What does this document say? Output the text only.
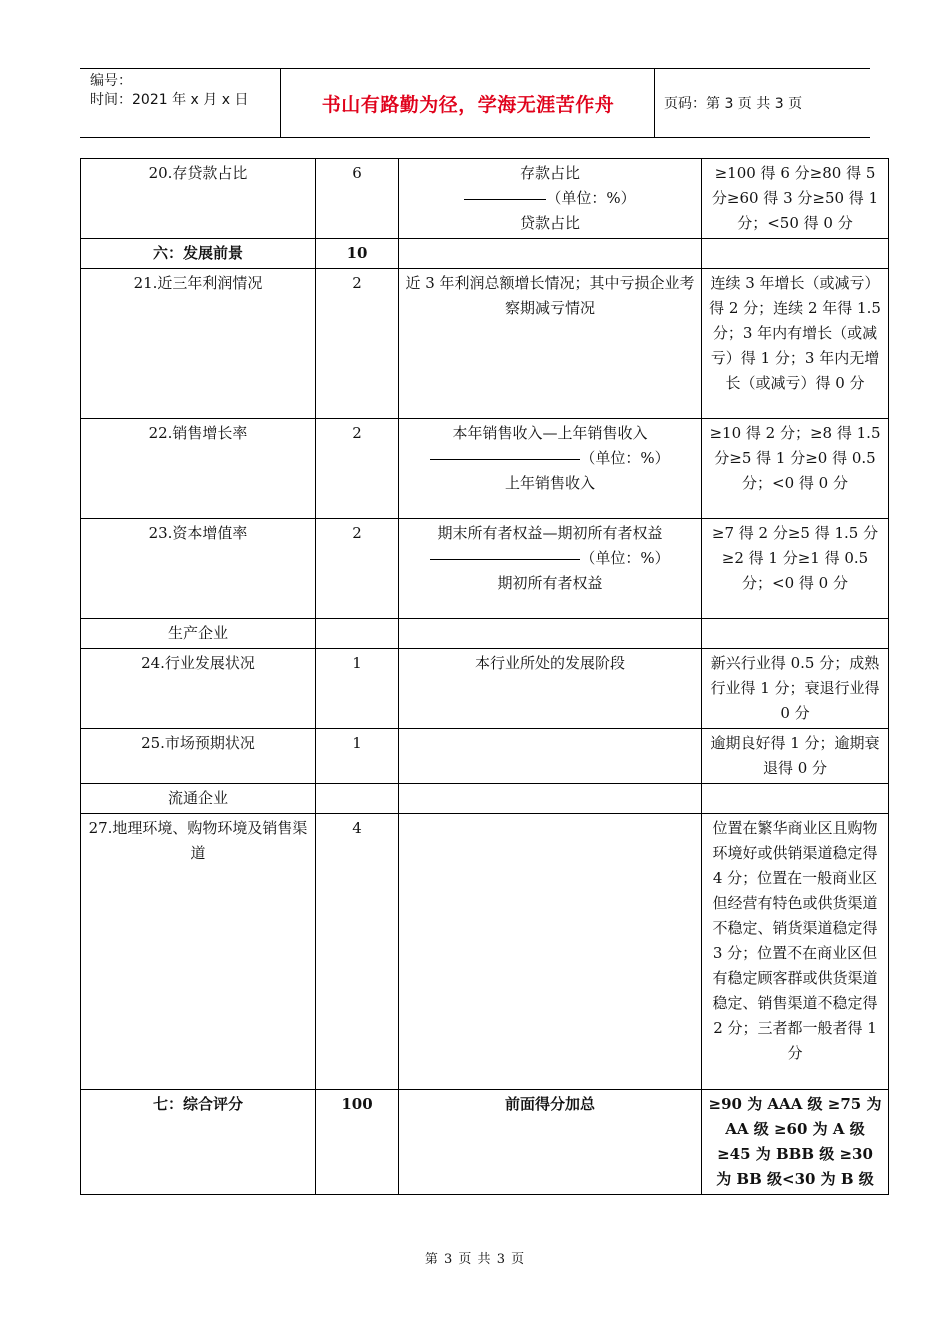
编号：
时间：2021 年 x 月 x 日	书山有路勤为径，学海无涯苦作舟	页码：第 3 页 共 3 页
20.存贷款占比	6	存款占比
（单位：%）
贷款占比	≥100 得 6 分≥80 得 5 分≥60 得 3 分≥50 得 1 分；<50 得 0 分
六：发展前景	10		
21.近三年利润情况	2	近 3 年利润总额增长情况；其中亏损企业考察期减亏情况	连续 3 年增长（或减亏）得 2 分；连续 2 年得 1.5 分；3 年内有增长（或减亏）得 1 分；3 年内无增长（或减亏）得 0 分
22.销售增长率	2	本年销售收入—上年销售收入
（单位：%）
上年销售收入	≥10 得 2 分；≥8 得 1.5 分≥5 得 1 分≥0 得 0.5 分；<0 得 0 分
23.资本增值率	2	期末所有者权益—期初所有者权益
（单位：%）
期初所有者权益	≥7 得 2 分≥5 得 1.5 分≥2 得 1 分≥1 得 0.5 分；<0 得 0 分
生产企业			
24.行业发展状况	1	本行业所处的发展阶段	新兴行业得 0.5 分；成熟行业得 1 分；衰退行业得 0 分
25.市场预期状况	1		逾期良好得 1 分；逾期衰退得 0 分
流通企业			
27.地理环境、购物环境及销售渠道	4		位置在繁华商业区且购物环境好或供销渠道稳定得 4 分；位置在一般商业区但经营有特色或供货渠道不稳定、销货渠道稳定得 3 分；位置不在商业区但有稳定顾客群或供货渠道稳定、销售渠道不稳定得 2 分；三者都一般者得 1 分
七：综合评分	100	前面得分加总	≥90 为 AAA 级 ≥75 为 AA 级 ≥60 为 A 级 ≥45 为 BBB 级 ≥30 为 BB 级<30 为 B 级
第 3 页 共 3 页
